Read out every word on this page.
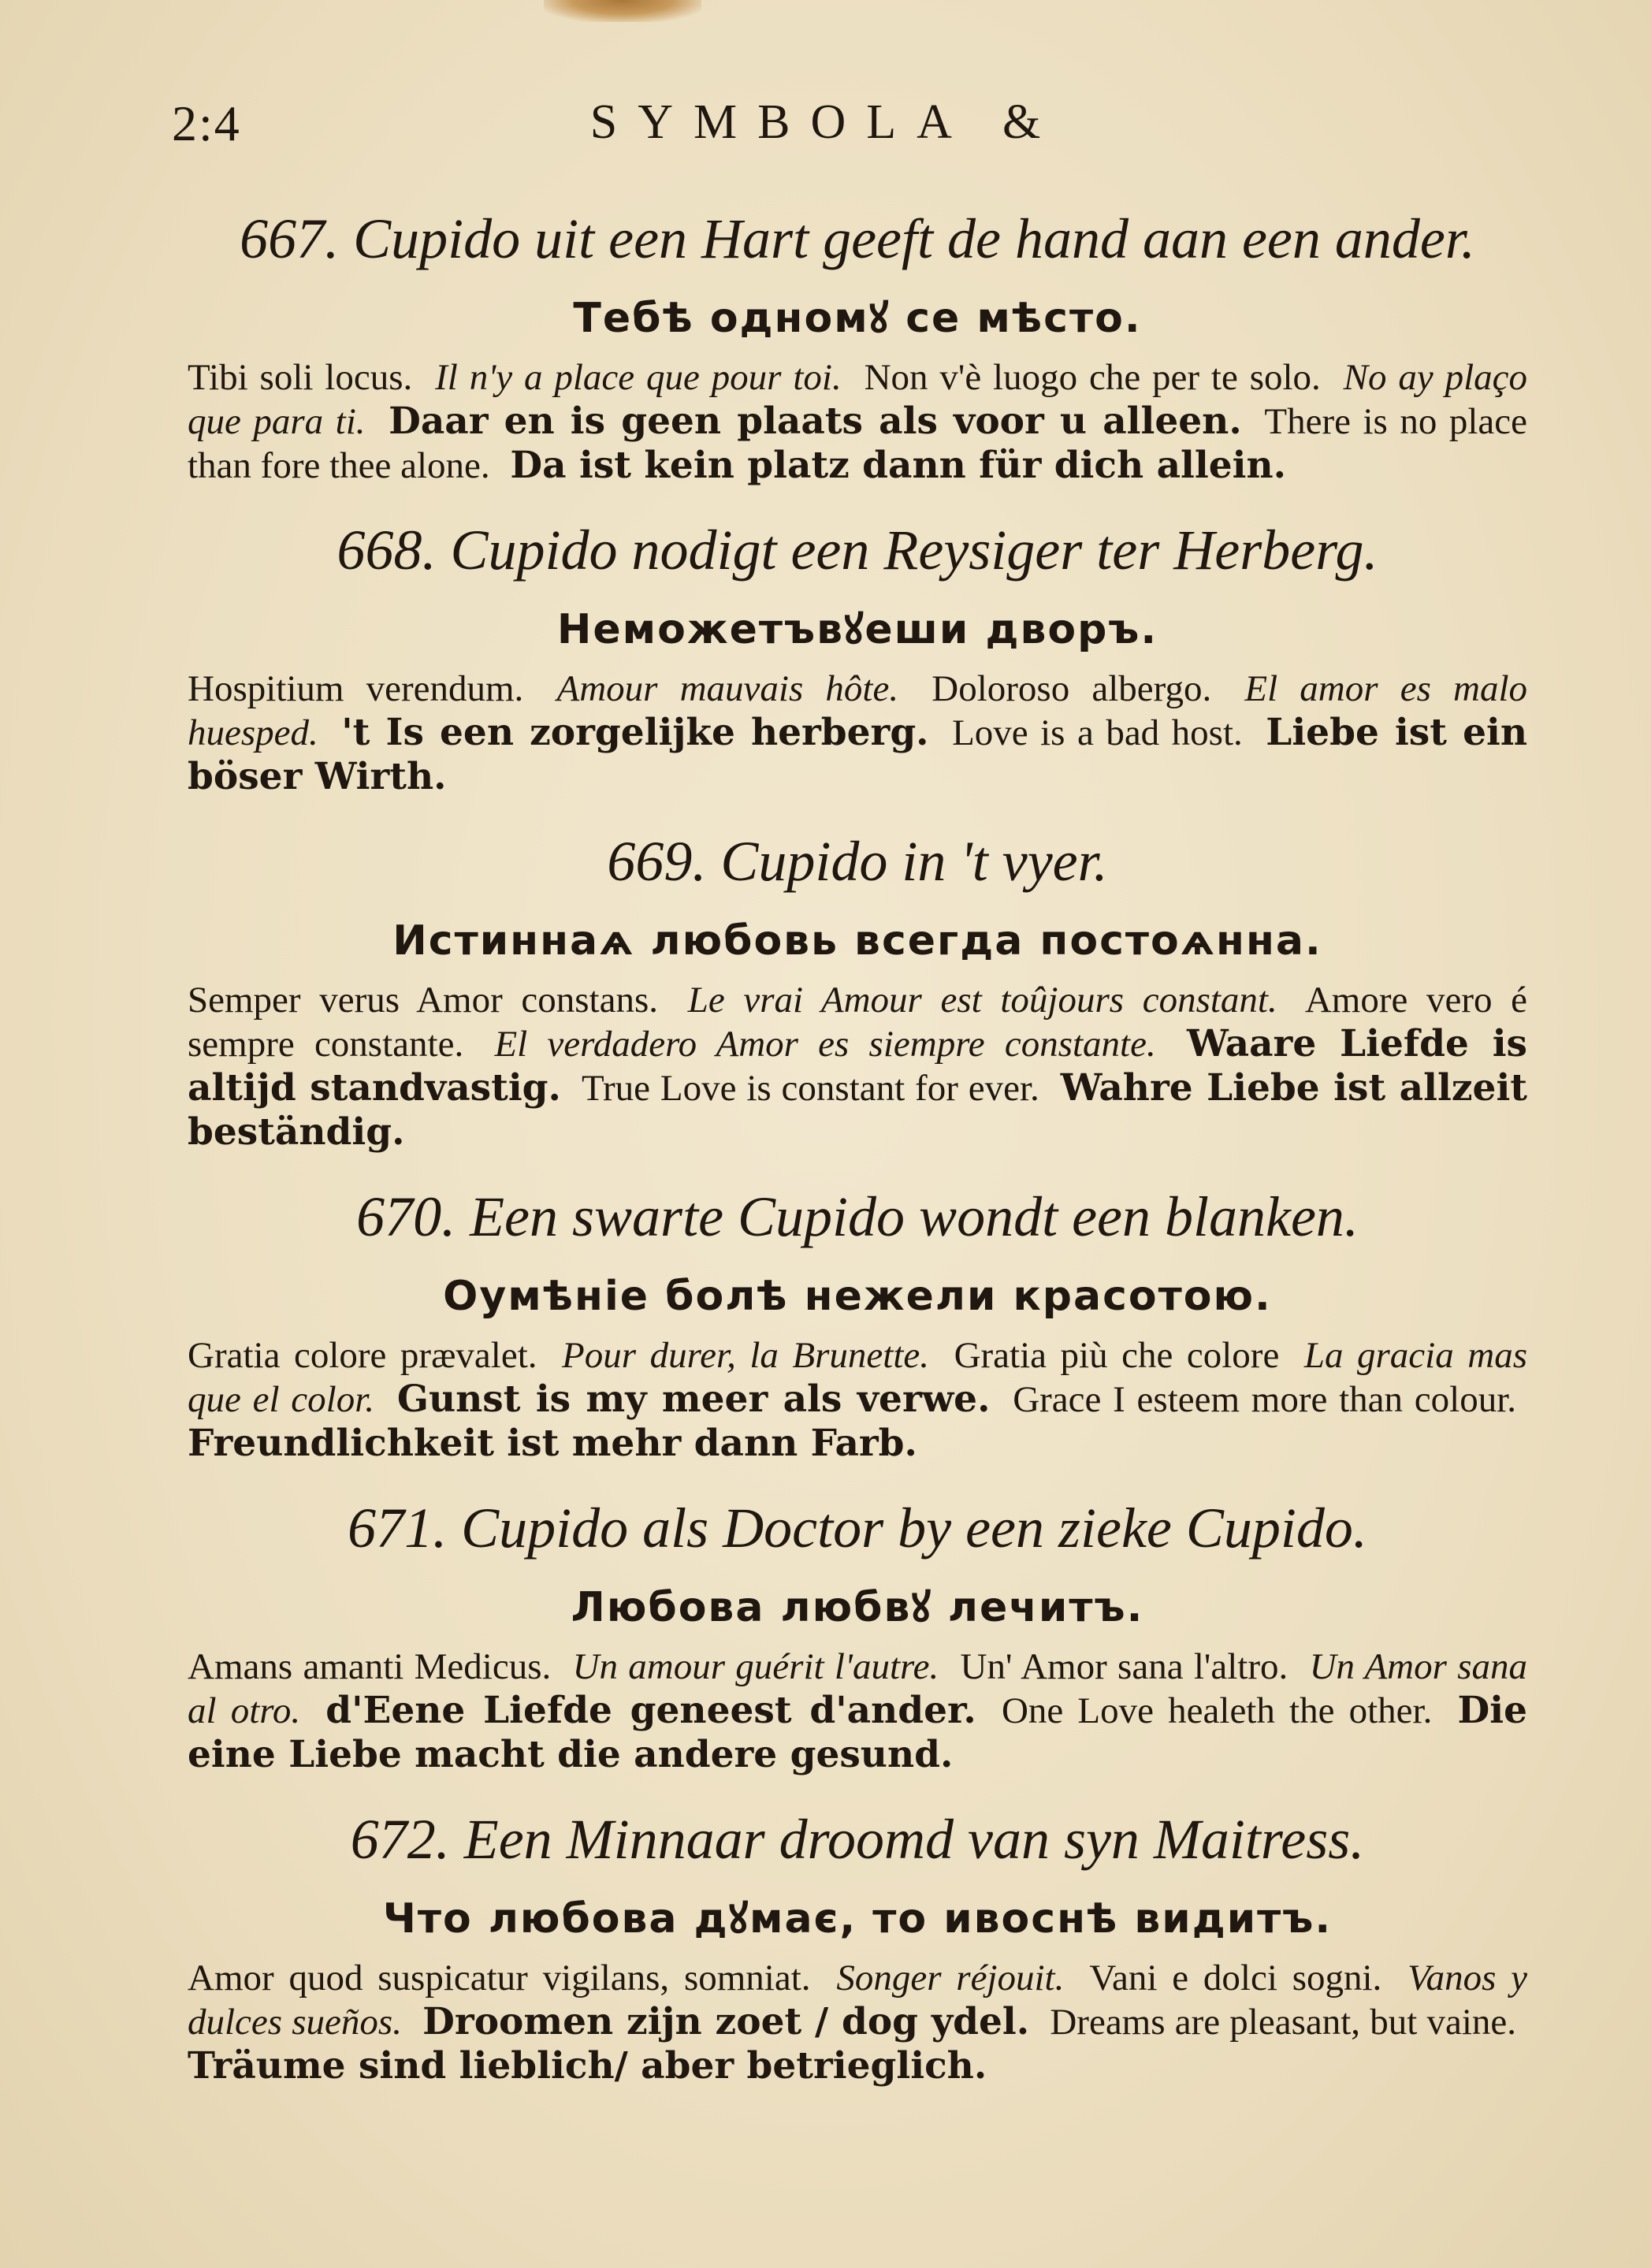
2:4	SYMBOLA &
667. Cupido uit een Hart geeft de hand aan een ander.
Тебѣ одномꙋ се мѣсто.
Tibi soli locus. Il n'y a place que pour toi. Non v'è luogo che per te solo. No ay plaço que para ti. Daar en is geen plaats als voor u alleen. There is no place than fore thee alone. Da ist kein platz dann für dich allein.
668. Cupido nodigt een Reysiger ter Herberg.
Неможетъвꙋеши дворъ.
Hospitium verendum. Amour mauvais hôte. Doloroso albergo. El amor es malo huesped. 't Is een zorgelijke herberg. Love is a bad host. Liebe ist ein böser Wirth.
669. Cupido in 't vyer.
Истиннаѧ любовь всегда постоѧнна.
Semper verus Amor constans. Le vrai Amour est toûjours constant. Amore vero é sempre constante. El verdadero Amor es siempre constante. Waare Liefde is altijd standvastig. True Love is constant for ever. Wahre Liebe ist allzeit beständig.
670. Een swarte Cupido wondt een blanken.
Оумѣніе болѣ нежели красотою.
Gratia colore prævalet. Pour durer, la Brunette. Gratia più che colore La gracia mas que el color. Gunst is my meer als verwe. Grace I esteem more than colour. Freundlichkeit ist mehr dann Farb.
671. Cupido als Doctor by een zieke Cupido.
Любова любвꙋ лечитъ.
Amans amanti Medicus. Un amour guérit l'autre. Un' Amor sana l'altro. Un Amor sana al otro. d'Eene Liefde geneest d'ander. One Love healeth the other. Die eine Liebe macht die andere gesund.
672. Een Minnaar droomd van syn Maitress.
Что любова дꙋмає, то ивоснѣ видитъ.
Amor quod suspicatur vigilans, somniat. Songer réjouit. Vani e dolci sogni. Vanos y dulces sueños. Droomen zijn zoet / dog ydel. Dreams are pleasant, but vaine. Träume sind lieblich/ aber betrieglich.
